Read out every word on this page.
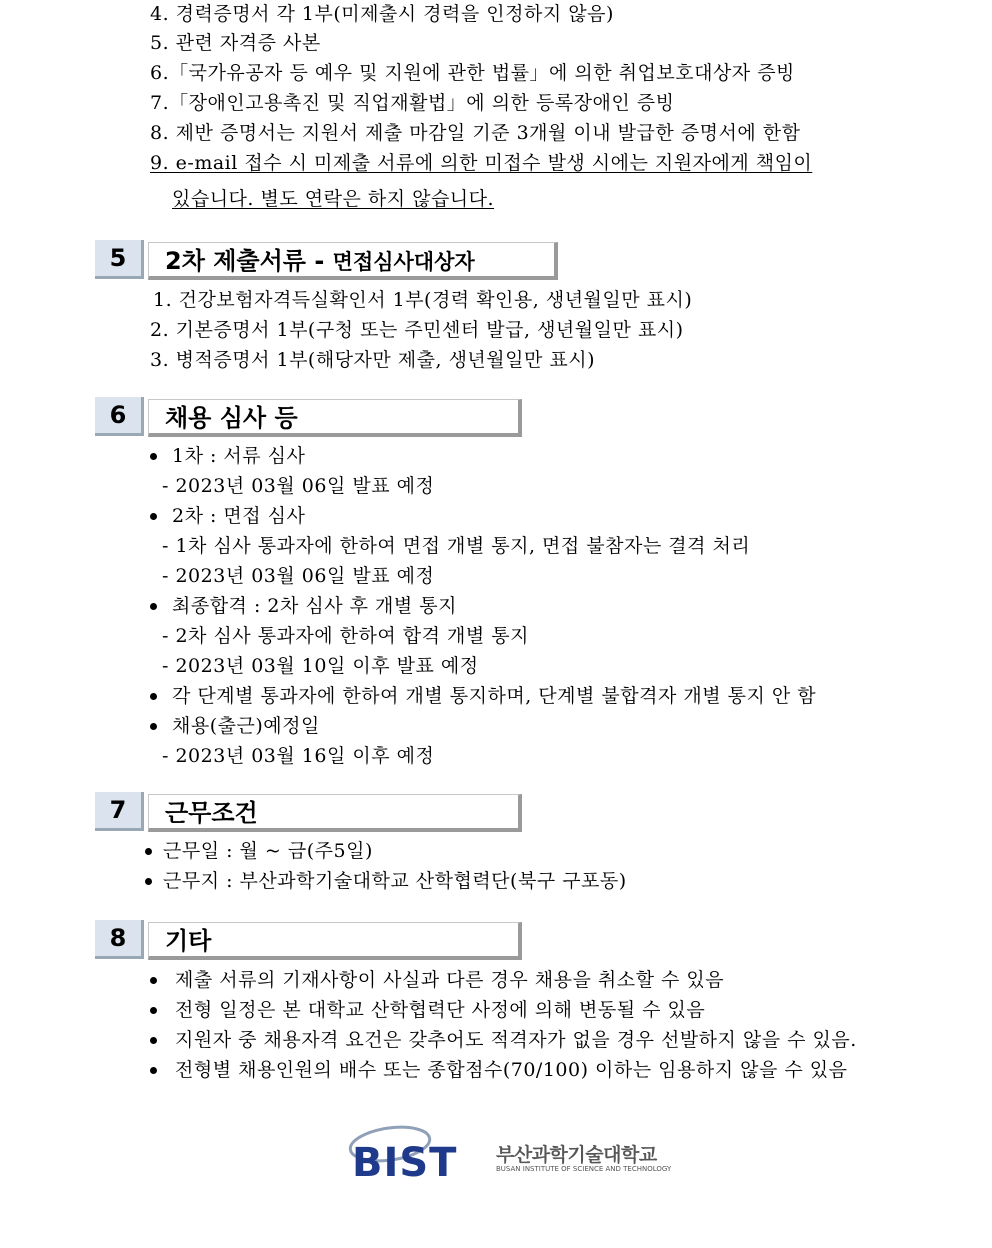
4. 경력증명서 각 1부(미제출시 경력을 인정하지 않음)
5. 관련 자격증 사본
6.「국가유공자 등 예우 및 지원에 관한 법률」에 의한 취업보호대상자 증빙
7.「장애인고용촉진 및 직업재활법」에 의한 등록장애인 증빙
8. 제반 증명서는 지원서 제출 마감일 기준 3개월 이내 발급한 증명서에 한함
9. e-mail 접수 시 미제출 서류에 의한 미접수 발생 시에는 지원자에게 책임이
있습니다. 별도 연락은 하지 않습니다.
5	2차 제출서류 - 면접심사대상자
1. 건강보험자격득실확인서 1부(경력 확인용, 생년월일만 표시)
2. 기본증명서 1부(구청 또는 주민센터 발급, 생년월일만 표시)
3. 병적증명서 1부(해당자만 제출, 생년월일만 표시)
6	채용 심사 등
1차 : 서류 심사
- 2023년 03월 06일 발표 예정
2차 : 면접 심사
- 1차 심사 통과자에 한하여 면접 개별 통지, 면접 불참자는 결격 처리
- 2023년 03월 06일 발표 예정
최종합격 : 2차 심사 후 개별 통지
- 2차 심사 통과자에 한하여 합격 개별 통지
- 2023년 03월 10일 이후 발표 예정
각 단계별 통과자에 한하여 개별 통지하며, 단계별 불합격자 개별 통지 안 함
채용(출근)예정일
- 2023년 03월 16일 이후 예정
7	근무조건
근무일 : 월 ~ 금(주5일)
근무지 : 부산과학기술대학교 산학협력단(북구 구포동)
8	기타
제출 서류의 기재사항이 사실과 다른 경우 채용을 취소할 수 있음
전형 일정은 본 대학교 산학협력단 사정에 의해 변동될 수 있음
지원자 중 채용자격 요건은 갖추어도 적격자가 없을 경우 선발하지 않을 수 있음.
전형별 채용인원의 배수 또는 종합점수(70/100) 이하는 임용하지 않을 수 있음
BIST 부산과학기술대학교
BUSAN INSTITUTE OF SCIENCE AND TECHNOLOGY
